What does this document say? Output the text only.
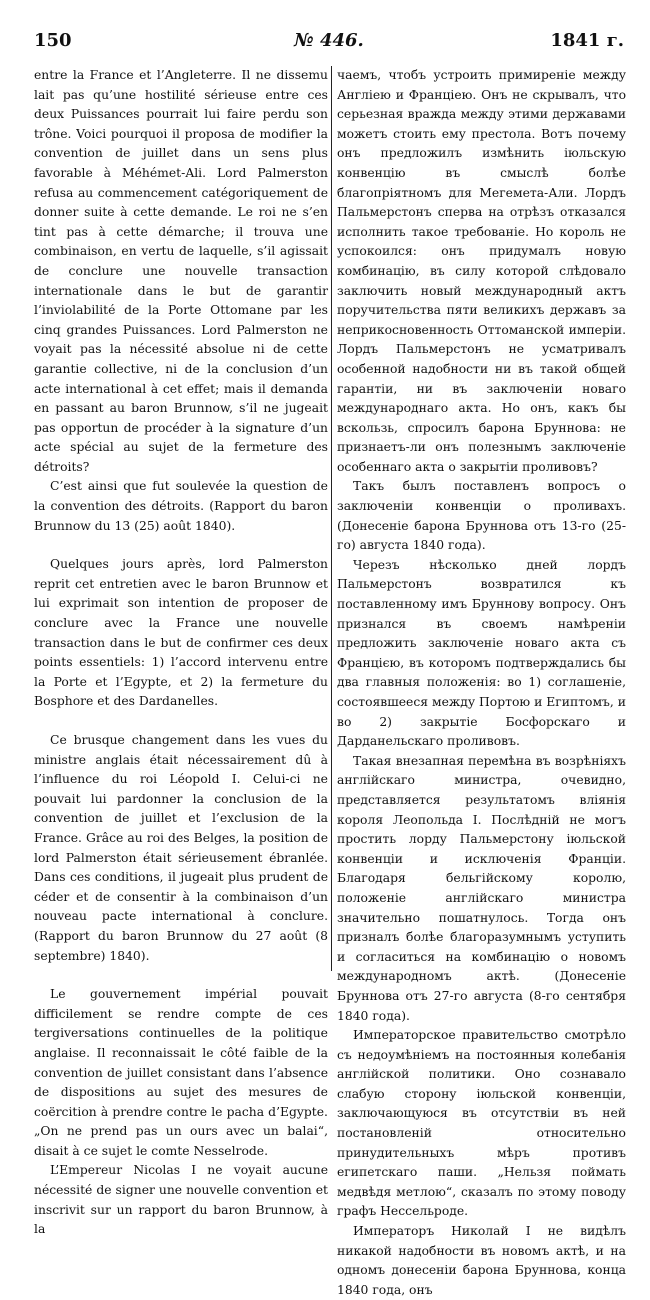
150	№ 446.	1841 г.

entre la France et l’Angleterre. Il ne dissemu lait pas qu’une hostilité sérieuse entre ces deux Puissances pourrait lui faire perdu son trône. Voici pourquoi il proposa de modifier la convention de juillet dans un sens plus favorable à Méhémet-Ali. Lord Palmerston refusa au commencement catégoriquement de donner suite à cette demande. Le roi ne s’en tint pas à cette démarche; il trouva une combinaison, en vertu de laquelle, s’il agissait de conclure une nouvelle transaction internationale dans le but de garantir l’inviolabilité de la Porte Ottomane par les cinq grandes Puissances. Lord Palmerston ne voyait pas la nécessité absolue ni de cette garantie collective, ni de la conclusion d’un acte international à cet effet; mais il demanda en passant au baron Brunnow, s’il ne jugeait pas opportun de procéder à la signature d’un acte spécial au sujet de la fermeture des détroits?

C’est ainsi que fut soulevée la question de la convention des détroits. (Rapport du baron Brunnow du 13 (25) août 1840).

Quelques jours après, lord Palmerston reprit cet entretien avec le baron Brunnow et lui exprimait son intention de proposer de conclure avec la France une nouvelle transaction dans le but de confirmer ces deux points essentiels: 1) l’accord intervenu entre la Porte et l’Egypte, et 2) la fermeture du Bosphore et des Dardanelles.

Ce brusque changement dans les vues du ministre anglais était nécessairement dû à l’influence du roi Léopold I. Celui-ci ne pouvait lui pardonner la conclusion de la convention de juillet et l’exclusion de la France. Grâce au roi des Belges, la position de lord Palmerston était sérieusement ébranlée. Dans ces conditions, il jugeait plus prudent de céder et de consentir à la combinaison d’un nouveau pacte international à conclure. (Rapport du baron Brunnow du 27 août (8 septembre) 1840).

Le gouvernement impérial pouvait difficilement se rendre compte de ces tergiversations continuelles de la politique anglaise. Il reconnaissait le côté faible de la convention de juillet consistant dans l’absence de dispositions au sujet des mesures de coërcition à prendre contre le pacha d’Egypte. „On ne prend pas un ours avec un balai“, disait à ce sujet le comte Nesselrode.

L’Empereur Nicolas I ne voyait aucune nécessité de signer une nouvelle convention et inscrivit sur un rapport du baron Brunnow, à la

чаемъ, чтобъ устроить примиреніе между Англіею и Франціею. Онъ не скрывалъ, что серьезная вражда между этими державами можетъ стоить ему престола. Вотъ почему онъ предложилъ измѣнить іюльскую конвенцію въ смыслѣ болѣе благопріятномъ для Мегемета-Али. Лордъ Пальмерстонъ сперва на отрѣзъ отказался исполнить такое требованіе. Но король не успокоился: онъ придумалъ новую комбинацію, въ силу которой слѣдовало заключить новый международный актъ поручительства пяти великихъ державъ за неприкосновенность Оттоманской имперіи. Лордъ Пальмерстонъ не усматривалъ особенной надобности ни въ такой общей гарантіи, ни въ заключеніи новаго международнаго акта. Но онъ, какъ бы вскользь, спросилъ барона Бруннова: не признаетъ-ли онъ полезнымъ заключеніе особеннаго акта о закрытіи проливовъ?

Такъ былъ поставленъ вопросъ о заключеніи конвенціи о проливахъ. (Донесеніе барона Бруннова отъ 13-го (25-го) августа 1840 года).

Черезъ нѣсколько дней лордъ Пальмерстонъ возвратился къ поставленному имъ Бруннову вопросу. Онъ признался въ своемъ намѣреніи предложить заключеніе новаго акта съ Францією, въ которомъ подтверждались бы два главныя положенія: во 1) соглашеніе, состоявшееся между Портою и Египтомъ, и во 2) закрытіе Босфорскаго и Дарданельскаго проливовъ.

Такая внезапная перемѣна въ возрѣніяхъ англійскаго министра, очевидно, представляется результатомъ вліянія короля Леопольда I. Послѣдній не могъ простить лорду Пальмерстону іюльской конвенціи и исключенія Франціи. Благодаря бельгійскому королю, положеніе англійскаго министра значительно пошатнулось. Тогда онъ призналъ болѣе благоразумнымъ уступить и согласиться на комбинацію о новомъ международномъ актѣ. (Донесеніе Бруннова отъ 27-го августа (8-го сентября 1840 года).

Императорское правительство смотрѣло съ недоумѣніемъ на постоянныя колебанія англійской политики. Оно сознавало слабую сторону іюльской конвенціи, заключающуюся въ отсутствіи въ ней постановленій относительно принудительныхъ мѣръ противъ египетскаго паши. „Нельзя поймать медвѣдя метлою“, сказалъ по этому поводу графъ Нессельроде.

Императоръ Николай I не видѣлъ никакой надобности въ новомъ актѣ, и на одномъ донесеніи барона Бруннова, конца 1840 года, онъ
